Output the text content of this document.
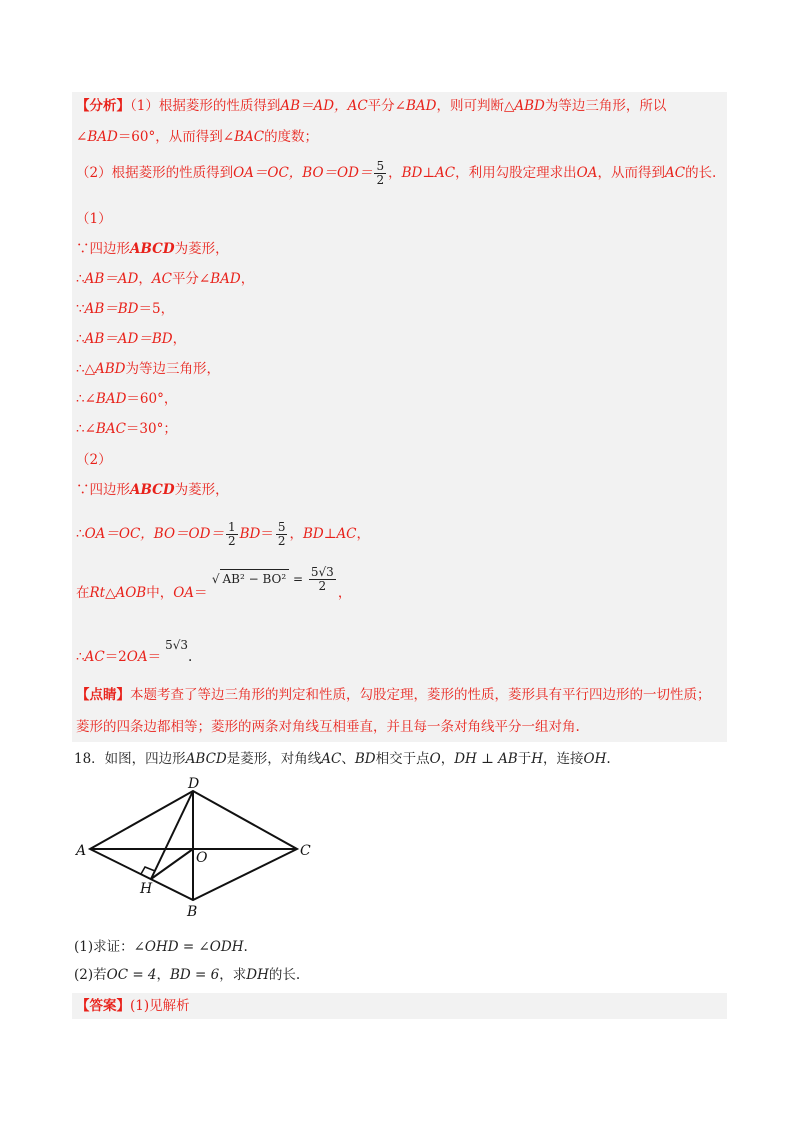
【分析】（1）根据菱形的性质得到AB＝AD，AC平分∠BAD，则可判断△ABD为等边三角形，所以
∠BAD＝60°，从而得到∠BAC的度数；
（2）根据菱形的性质得到OA＝OC，$BO=OD= \frac{5}{2}$ ，BD⊥AC，利用勾股定理求出OA，从而得到AC的长.
（1）
∵四边形ABCD为菱形，
∴AB＝AD，AC平分∠BAD，
∵AB＝BD＝5，
∴AB＝AD＝BD，
∴△ABD为等边三角形，
∴∠BAD＝60°，
∴∠BAC＝30°；
（2）
∵四边形ABCD为菱形，
∴OA＝OC，$BO=OD= \frac{1}{2} BD= \frac{5}{2}$ ，BD⊥AC，
在Rt△AOB中，OA＝ √ $AB^2 - BO^2 = \frac{5√3}{2}$ ，
∴AC＝2OA＝5√3.
【点睛】本题考查了等边三角形的判定和性质，勾股定理，菱形的性质，菱形具有平行四边形的一切性质；
菱形的四条边都相等；菱形的两条对角线互相垂直，并且每一条对角线平分一组对角.
18．如图，四边形ABCD是菱形，对角线AC、BD相交于点O，DH ⊥ AB于H，连接OH.
A
D
C
B
O
H
(1)求证：∠OHD = ∠ODH.
(2)若OC = 4，BD = 6，求DH的长.
【答案】(1)见解析
